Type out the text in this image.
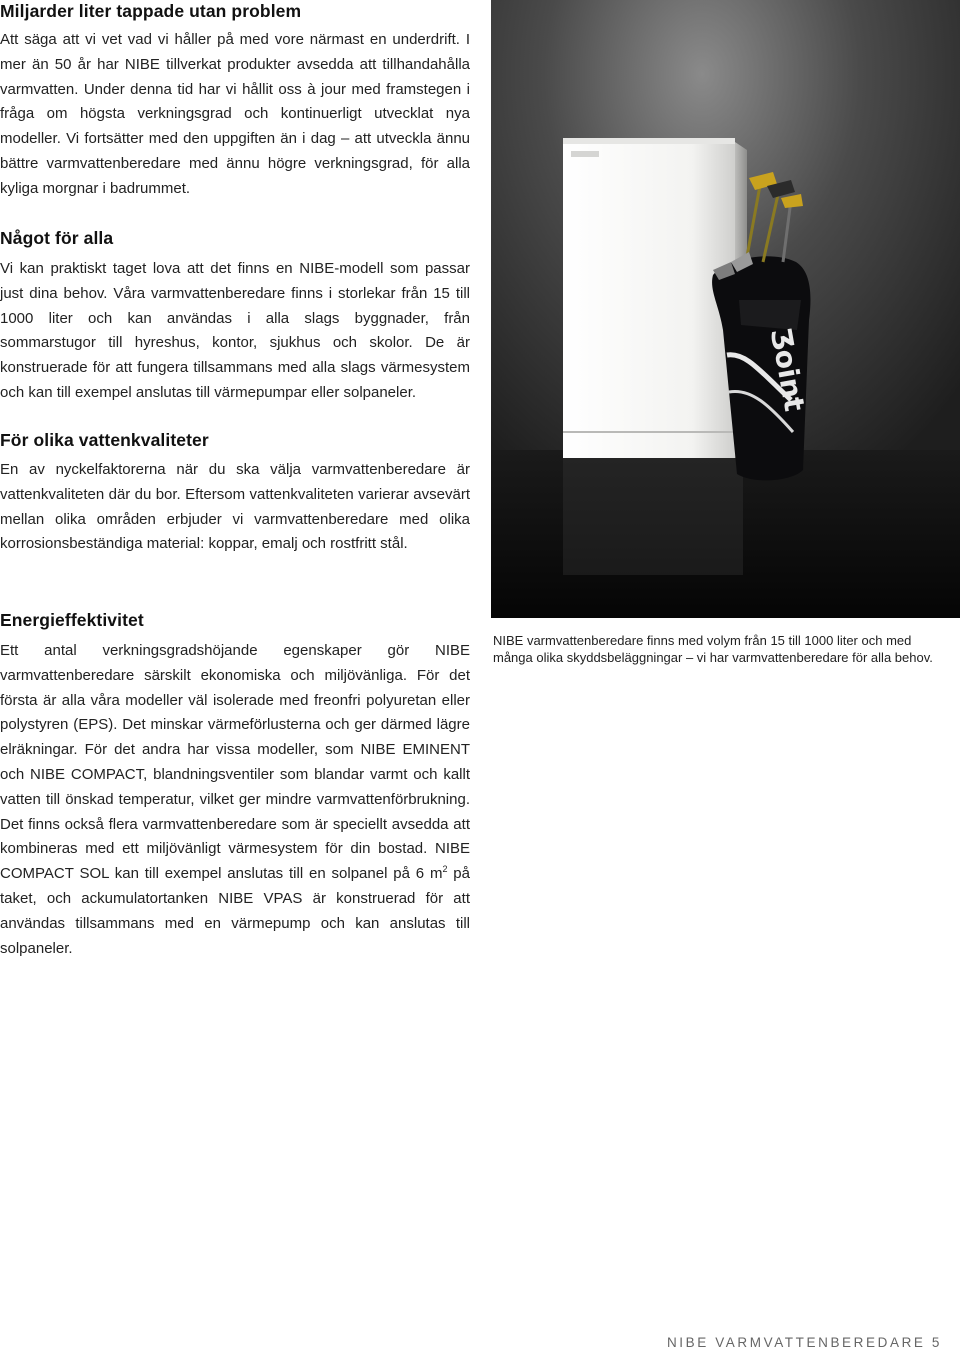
Miljarder liter tappade utan problem

Att säga att vi vet vad vi håller på med vore närmast en underdrift. I mer än 50 år har NIBE tillverkat produkter avsedda att tillhandahålla varmvatten. Under denna tid har vi hållit oss à jour med framstegen i fråga om högsta verkningsgrad och kontinuerligt utvecklat nya modeller. Vi fortsätter med den uppgiften än i dag – att utveckla ännu bättre varmvattenberedare med ännu högre verkningsgrad, för alla kyliga morgnar i badrummet.

Något för alla

Vi kan praktiskt taget lova att det finns en NIBE-modell som passar just dina behov. Våra varmvattenberedare finns i storlekar från 15 till 1000 liter och kan användas i alla slags byggnader, från sommarstugor till hyreshus, kontor, sjukhus och skolor. De är konstruerade för att fungera tillsammans med alla slags värmesystem och kan till exempel anslutas till värmepumpar eller solpaneler.

För olika vattenkvaliteter

En av nyckelfaktorerna när du ska välja varmvattenberedare är vattenkvaliteten där du bor. Eftersom vattenkvaliteten varierar avsevärt mellan olika områden erbjuder vi varmvattenberedare med olika korrosionsbeständiga material: koppar, emalj och rostfritt stål.

Energieffektivitet

Ett antal verkningsgradshöjande egenskaper gör NIBE varmvattenberedare särskilt ekonomiska och miljövänliga. För det första är alla våra modeller väl isolerade med freonfri polyuretan eller polystyren (EPS). Det minskar värmeförlusterna och ger därmed lägre elräkningar. För det andra har vissa modeller, som NIBE EMINENT och NIBE COMPACT, blandningsventiler som blandar varmt och kallt vatten till önskad temperatur, vilket ger mindre varmvattenförbrukning. Det finns också flera varmvattenberedare som är speciellt avsedda att kombineras med ett miljövänligt värmesystem för din bostad. NIBE COMPACT SOL kan till exempel anslutas till en solpanel på 6 $m^2$ på taket, och ackumulatortanken NIBE VPAS är konstruerad för att användas tillsammans med en värmepump och kan anslutas till solpaneler.

Ʒoint
NIBE varmvattenberedare finns med volym från 15 till 1000 liter och med många olika skyddsbeläggningar – vi har varmvattenberedare för alla behov.
NIBE VARMVATTENBEREDARE 5
